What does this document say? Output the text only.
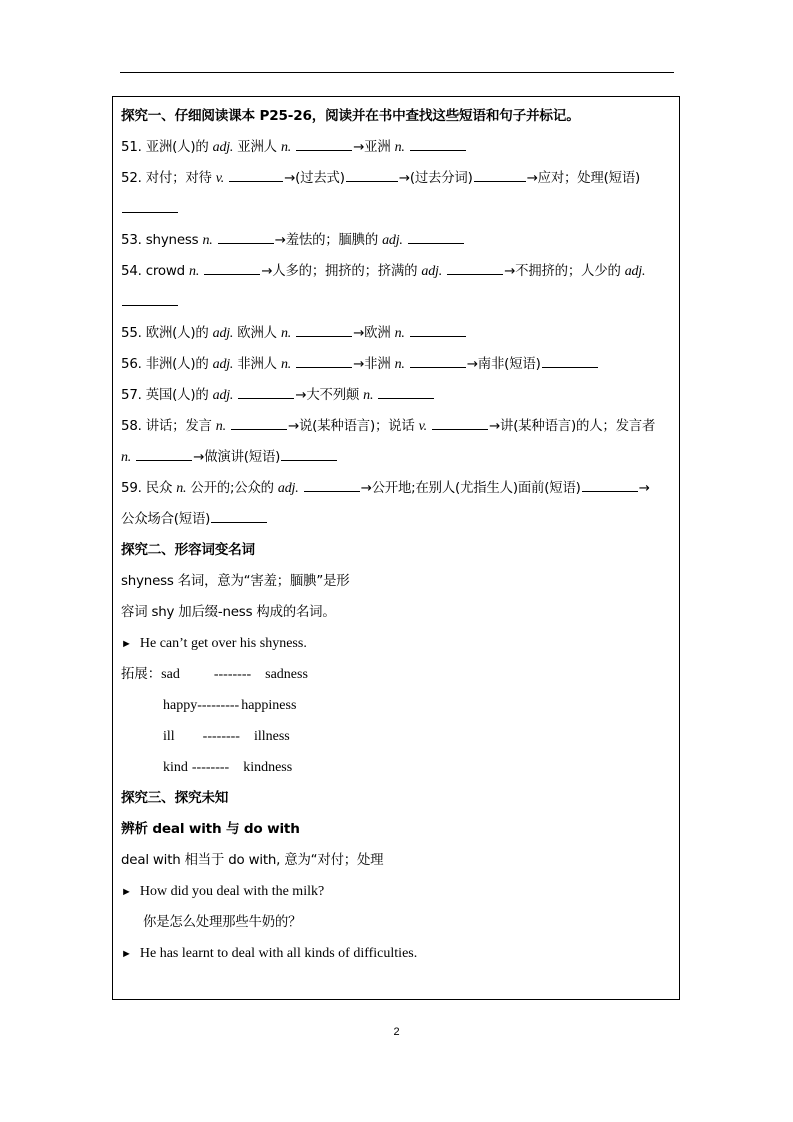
探究一、仔细阅读课本 P25-26，阅读并在书中查找这些短语和句子并标记。
51. 亚洲(人)的 adj. 亚洲人 n.	→亚洲 n.
52. 对付；对待 v.	→(过去式)	→(过去分词)	→应对；处理(短语)
53. shyness n.	→羞怯的；腼腆的 adj.
54. crowd n.	→人多的；拥挤的；挤满的 adj.	→不拥挤的；人少的 adj.
55. 欧洲(人)的 adj. 欧洲人 n.	→欧洲 n.
56. 非洲(人)的 adj. 非洲人 n.	→非洲 n.	→南非(短语)
57. 英国(人)的 adj.	→大不列颠 n.
58. 讲话；发言 n.	→说(某种语言)；说话 v.	→讲(某种语言)的人；发言者
n.	→做演讲(短语)
59. 民众 n. 公开的;公众的 adj.	→公开地;在别人(尤指生人)面前(短语)	→
公众场合(短语)
探究二、形容词变名词
shyness 名词，意为“害羞；腼腆”是形
容词 shy 加后缀-ness 构成的名词。
► He can’t get over his shyness.
拓展：sad -------- sadness
happy--------- happiness
ill -------- illness
kind -------- kindness
探究三、探究未知
辨析 deal with 与 do with
deal with 相当于 do with, 意为“对付；处理
► How did you deal with the milk?
你是怎么处理那些牛奶的？
► He has learnt to deal with all kinds of difficulties.
2
